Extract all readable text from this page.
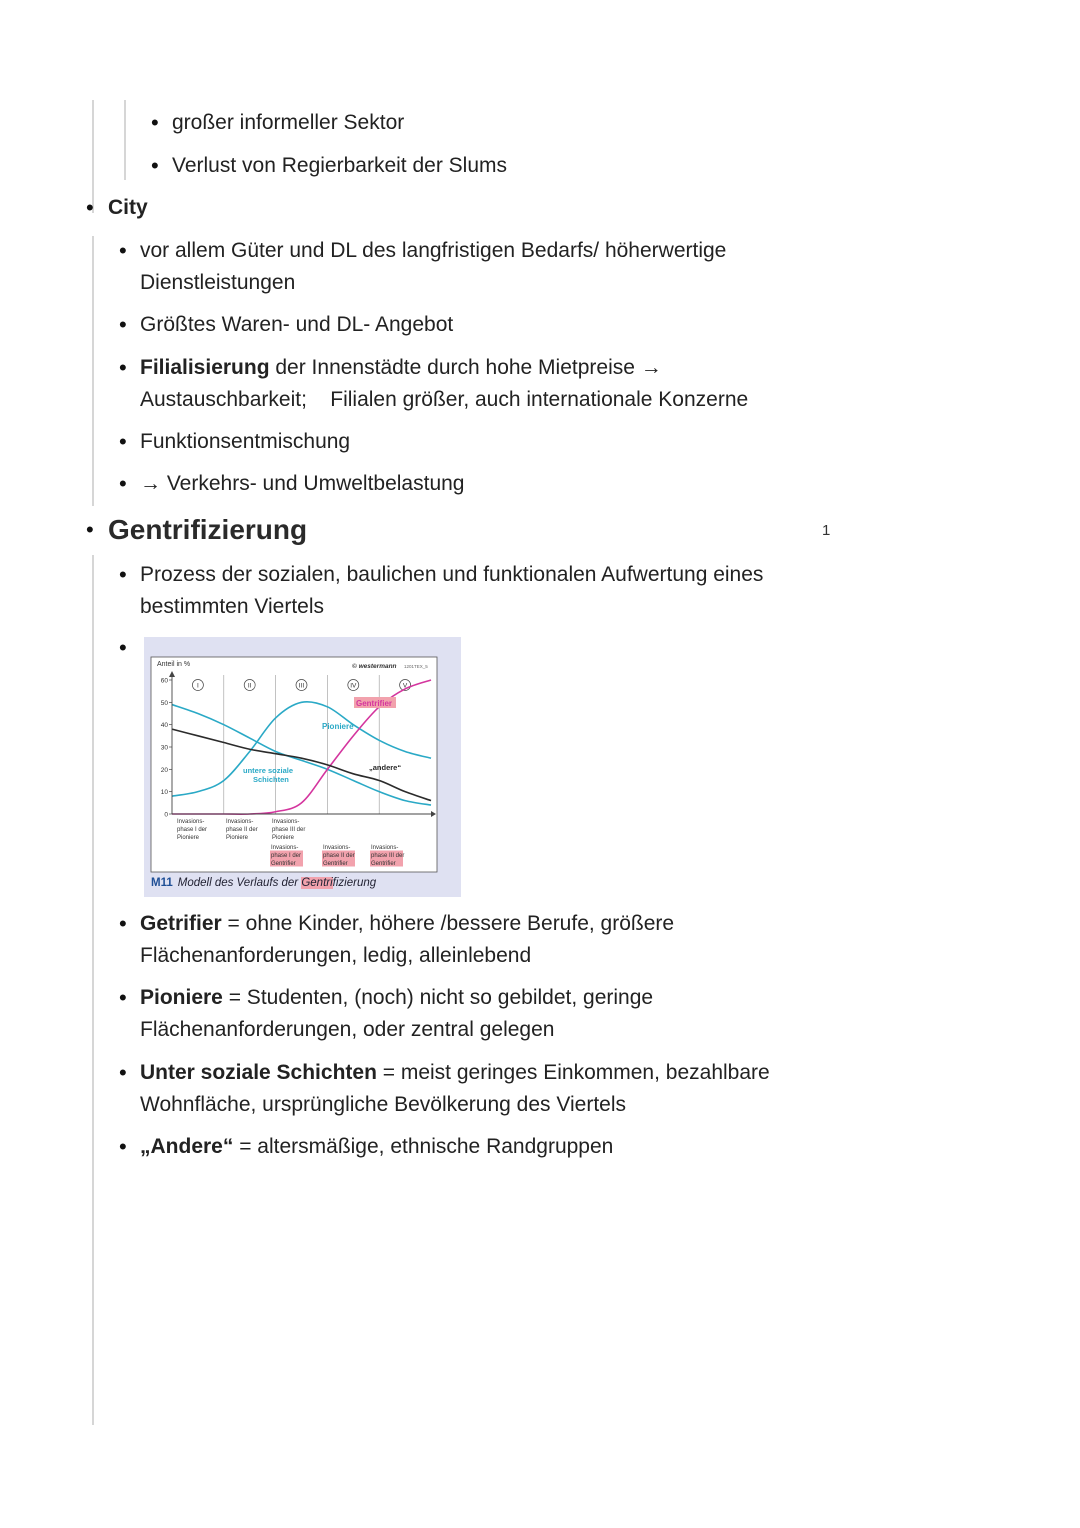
• großer informeller Sektor
• Verlust von Regierbarkeit der Slums
• City
• vor allem Güter und DL des langfristigen Bedarfs/ höherwertige
Dienstleistungen
• Größtes Waren- und DL- Angebot
• Filialisierung der Innenstädte durch hohe Mietpreise →
Austauschbarkeit;    Filialen größer, auch internationale Konzerne
• Funktionsentmischung
• → Verkehrs- und Umweltbelastung
• Gentrifizierung	1
• Prozess der sozialen, baulichen und funktionalen Aufwertung eines
bestimmten Viertels
•
Anteil in %	© westermann 1201TEX_5
0
10
20
30
40
50
60
I	II	III	IV	V
Gentrifier
Pioniere
untere soziale
Schichten
„andere“
Invasions-
phase I der
Pioniere
Invasions-
phase II der
Pioniere
Invasions-
phase III der
Pioniere
Invasions-
phase I der
Gentrifier
Invasions-
phase II der
Gentrifier
Invasions-
phase III der
Gentrifier
M11 Modell des Verlaufs der Gentrifizierung
• Getrifier = ohne Kinder, höhere /bessere Berufe, größere
Flächenanforderungen, ledig, alleinlebend
• Pioniere = Studenten, (noch) nicht so gebildet, geringe
Flächenanforderungen, oder zentral gelegen
• Unter soziale Schichten = meist geringes Einkommen, bezahlbare
Wohnfläche, ursprüngliche Bevölkerung des Viertels
• „Andere“ = altersmäßige, ethnische Randgruppen
